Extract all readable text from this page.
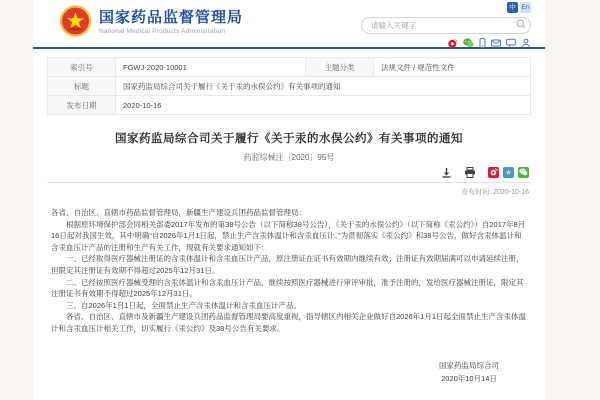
国家药品监督管理局
National Medical Products Administration
中 En
请输入关键字
索引号	FGWJ-2020-10001	主题分类	法规文件 / 规范性文件
标题	国家药监局综合司关于履行《关于汞的水俣公约》有关事项的通知		
发布日期	2020-10-16		
国家药监局综合司关于履行《关于汞的水俣公约》有关事项的通知
药监综械注〔2020〕95号
★
发布时间: 2020-10-16

各省、自治区、直辖市药品监督管理局，新疆生产建设兵团药品监督管理局：

根据原环境保护部会同相关部委2017年发布的第38号公告（以下简称38号公告），《关于汞的水俣公约》（以下简称《汞公约》）自2017年8月16日起对我国生效，其中明确“自2026年1月1日起，禁止生产含汞体温计和含汞血压计。”为贯彻落实《汞公约》和38号公告，做好含汞体温计和含汞血压计产品的注册和生产有关工作，现就有关要求通知如下：

一、已经取得医疗器械注册证的含汞体温计和含汞血压计产品，原注册证在证书有效期内继续有效；注册证有效期届满可以申请延续注册，但限定其注册证有效期不得超过2025年12月31日。

二、已经按照医疗器械受理的含汞体温计和含汞血压计产品，继续按照医疗器械进行审评审批，准予注册的，发给医疗器械注册证，限定其注册证书有效期不得超过2025年12月31日。

三、自2026年1月1日起，全面禁止生产含汞体温计和含汞血压计产品。

各省、自治区、直辖市及新疆生产建设兵团药品监督管理局要高度重视，指导辖区内相关企业做好自2026年1月1日起全面禁止生产含汞体温计和含汞血压计相关工作，切实履行《汞公约》及38号公告有关要求。

国家药监局综合司
2020年10月14日
